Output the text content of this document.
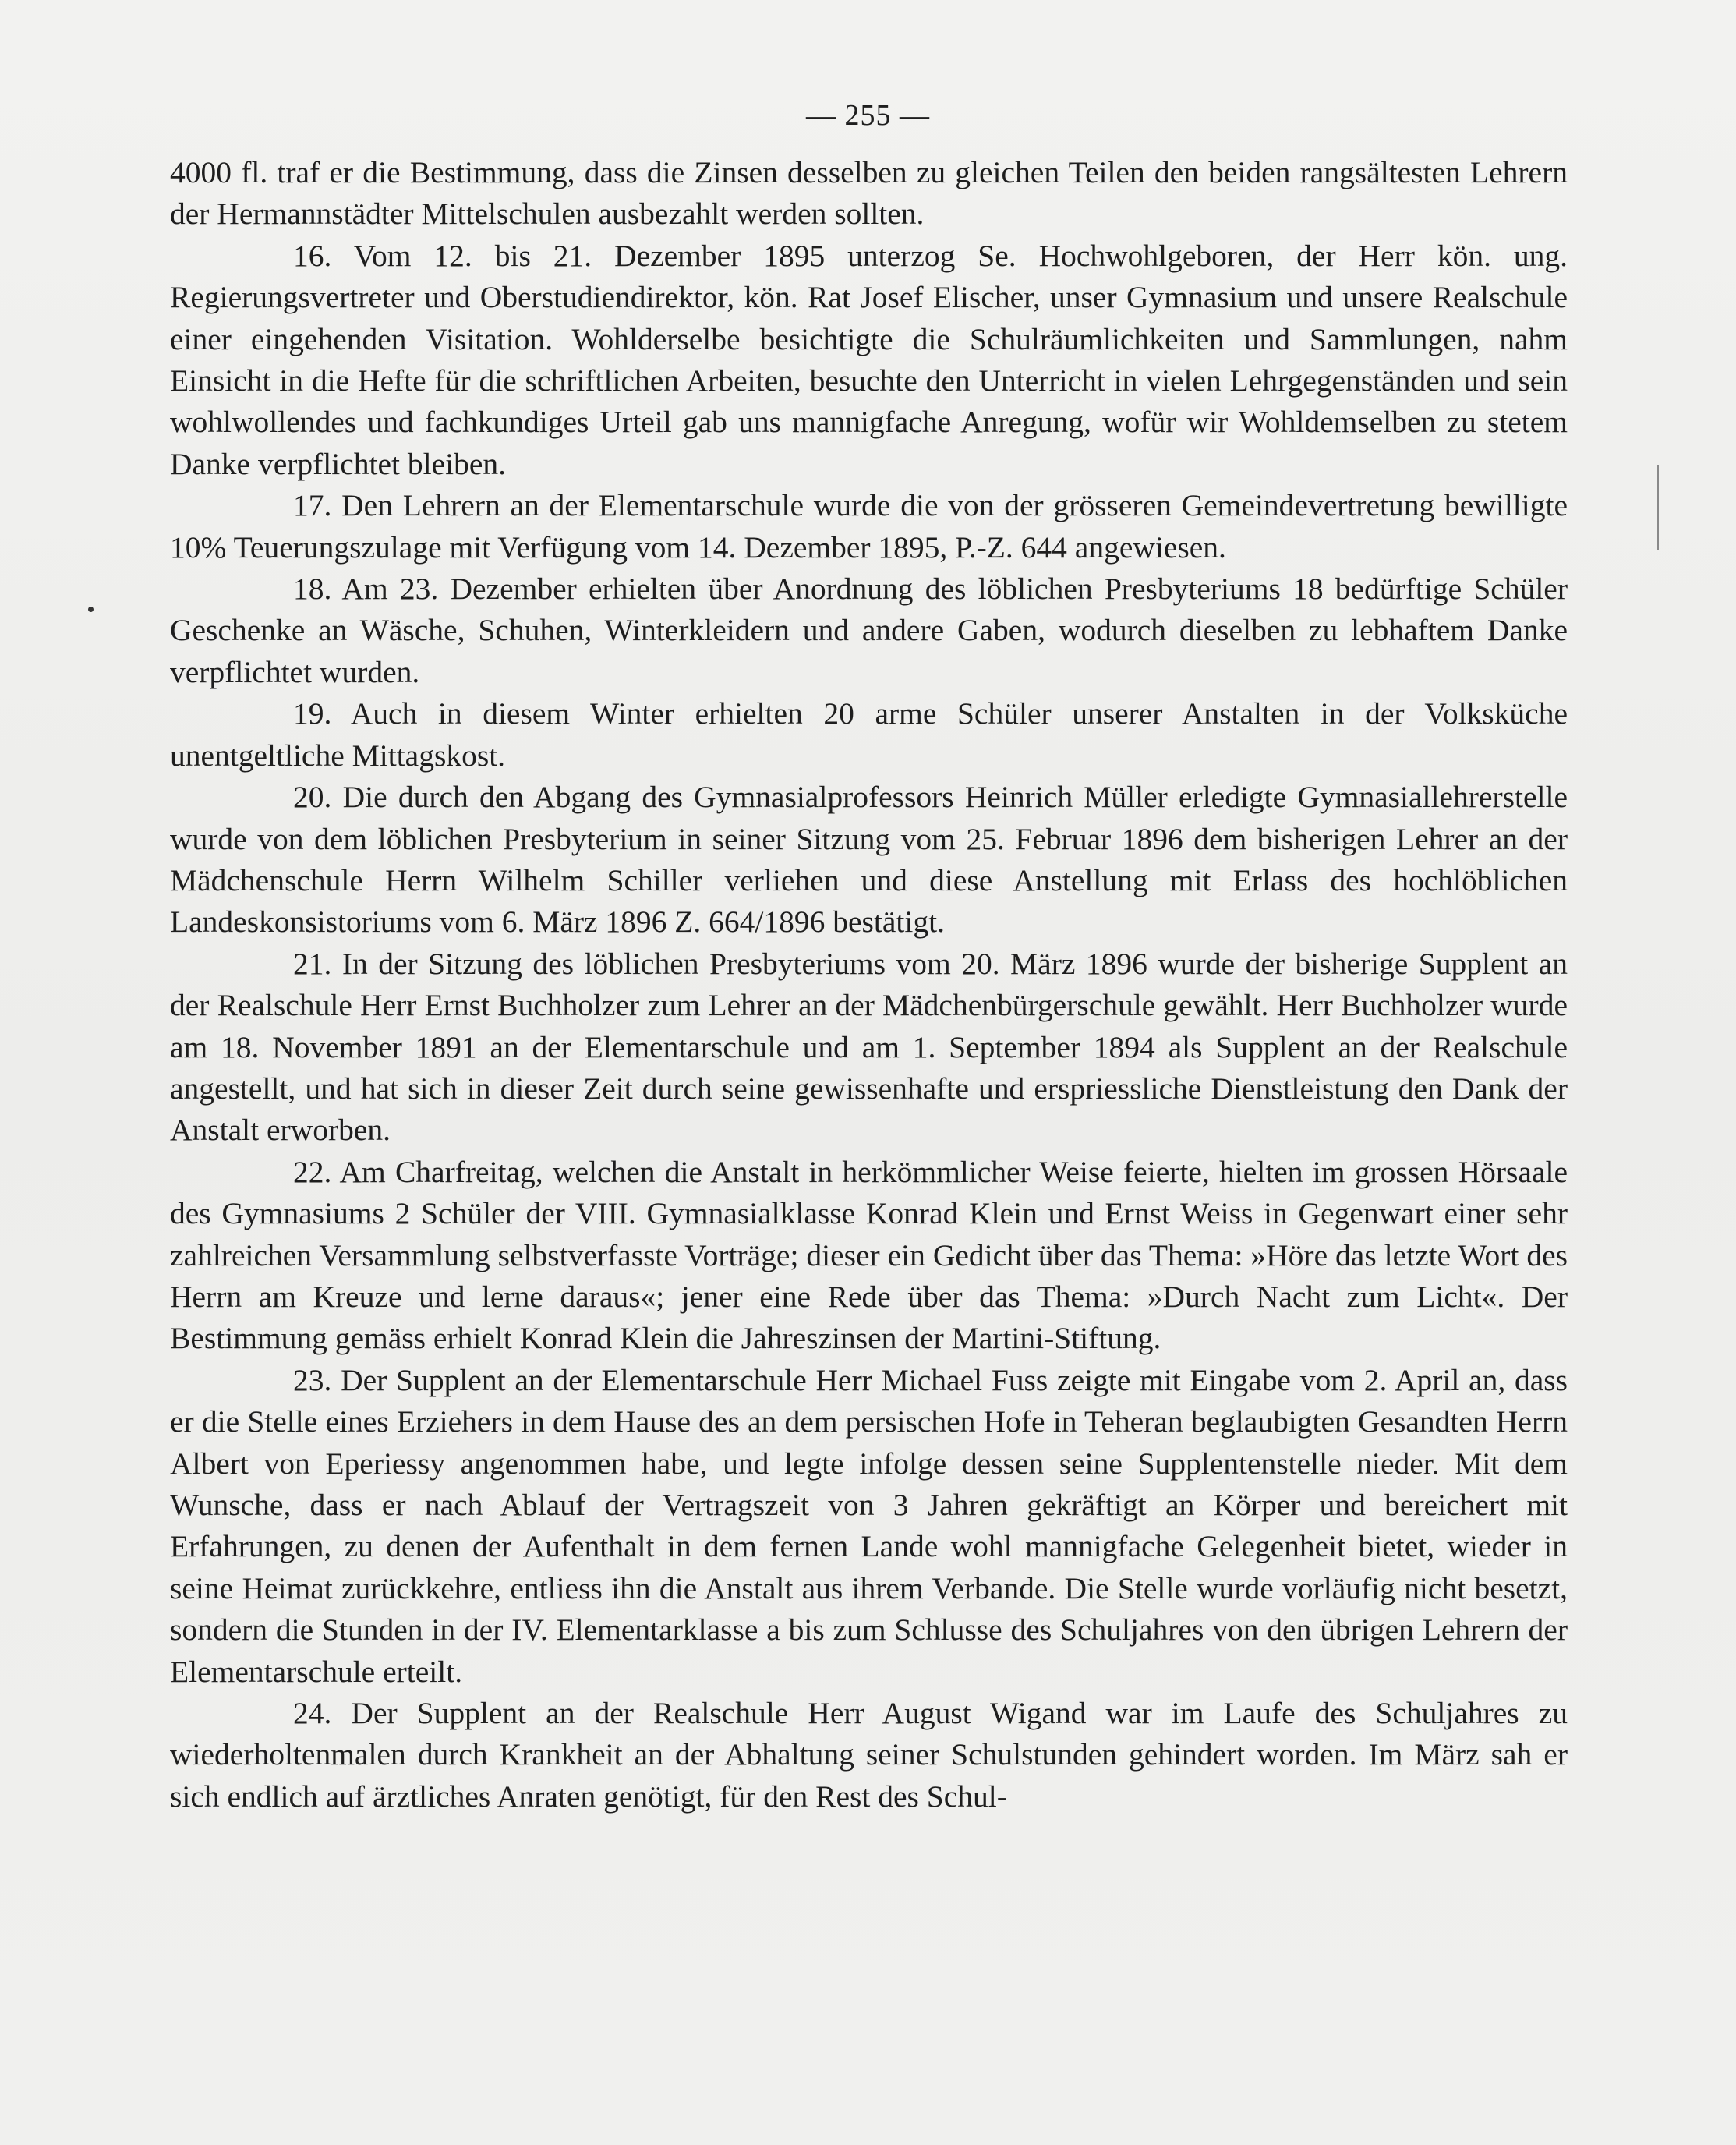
— 255 —

4000 fl. traf er die Bestimmung, dass die Zinsen desselben zu gleichen Teilen den beiden rangsältesten Lehrern der Hermannstädter Mittelschulen ausbezahlt werden sollten.

16. Vom 12. bis 21. Dezember 1895 unterzog Se. Hochwohlgeboren, der Herr kön. ung. Regierungsvertreter und Oberstudiendirektor, kön. Rat Josef Elischer, unser Gymnasium und unsere Realschule einer eingehenden Visitation. Wohlderselbe besichtigte die Schulräumlichkeiten und Sammlungen, nahm Einsicht in die Hefte für die schriftlichen Arbeiten, besuchte den Unterricht in vielen Lehrgegenständen und sein wohlwollendes und fachkundiges Urteil gab uns mannigfache Anregung, wofür wir Wohldemselben zu stetem Danke verpflichtet bleiben.

17. Den Lehrern an der Elementarschule wurde die von der grösseren Gemeindevertretung bewilligte 10% Teuerungszulage mit Verfügung vom 14. Dezember 1895, P.-Z. 644 angewiesen.

18. Am 23. Dezember erhielten über Anordnung des löblichen Presbyteriums 18 bedürftige Schüler Geschenke an Wäsche, Schuhen, Winterkleidern und andere Gaben, wodurch dieselben zu lebhaftem Danke verpflichtet wurden.

19. Auch in diesem Winter erhielten 20 arme Schüler unserer Anstalten in der Volksküche unentgeltliche Mittagskost.

20. Die durch den Abgang des Gymnasialprofessors Heinrich Müller erledigte Gymnasiallehrerstelle wurde von dem löblichen Presbyterium in seiner Sitzung vom 25. Februar 1896 dem bisherigen Lehrer an der Mädchenschule Herrn Wilhelm Schiller verliehen und diese Anstellung mit Erlass des hochlöblichen Landeskonsistoriums vom 6. März 1896 Z. 664/1896 bestätigt.

21. In der Sitzung des löblichen Presbyteriums vom 20. März 1896 wurde der bisherige Supplent an der Realschule Herr Ernst Buchholzer zum Lehrer an der Mädchenbürgerschule gewählt. Herr Buchholzer wurde am 18. November 1891 an der Elementarschule und am 1. September 1894 als Supplent an der Realschule angestellt, und hat sich in dieser Zeit durch seine gewissenhafte und erspriessliche Dienstleistung den Dank der Anstalt erworben.

22. Am Charfreitag, welchen die Anstalt in herkömmlicher Weise feierte, hielten im grossen Hörsaale des Gymnasiums 2 Schüler der VIII. Gymnasialklasse Konrad Klein und Ernst Weiss in Gegenwart einer sehr zahlreichen Versammlung selbstverfasste Vorträge; dieser ein Gedicht über das Thema: »Höre das letzte Wort des Herrn am Kreuze und lerne daraus«; jener eine Rede über das Thema: »Durch Nacht zum Licht«. Der Bestimmung gemäss erhielt Konrad Klein die Jahreszinsen der Martini-Stiftung.

23. Der Supplent an der Elementarschule Herr Michael Fuss zeigte mit Eingabe vom 2. April an, dass er die Stelle eines Erziehers in dem Hause des an dem persischen Hofe in Teheran beglaubigten Gesandten Herrn Albert von Eperiessy angenommen habe, und legte infolge dessen seine Supplentenstelle nieder. Mit dem Wunsche, dass er nach Ablauf der Vertragszeit von 3 Jahren gekräftigt an Körper und bereichert mit Erfahrungen, zu denen der Aufenthalt in dem fernen Lande wohl mannigfache Gelegenheit bietet, wieder in seine Heimat zurückkehre, entliess ihn die Anstalt aus ihrem Verbande. Die Stelle wurde vorläufig nicht besetzt, sondern die Stunden in der IV. Elementarklasse a bis zum Schlusse des Schuljahres von den übrigen Lehrern der Elementarschule erteilt.

24. Der Supplent an der Realschule Herr August Wigand war im Laufe des Schuljahres zu wiederholtenmalen durch Krankheit an der Abhaltung seiner Schulstunden gehindert worden. Im März sah er sich endlich auf ärztliches Anraten genötigt, für den Rest des Schul-
